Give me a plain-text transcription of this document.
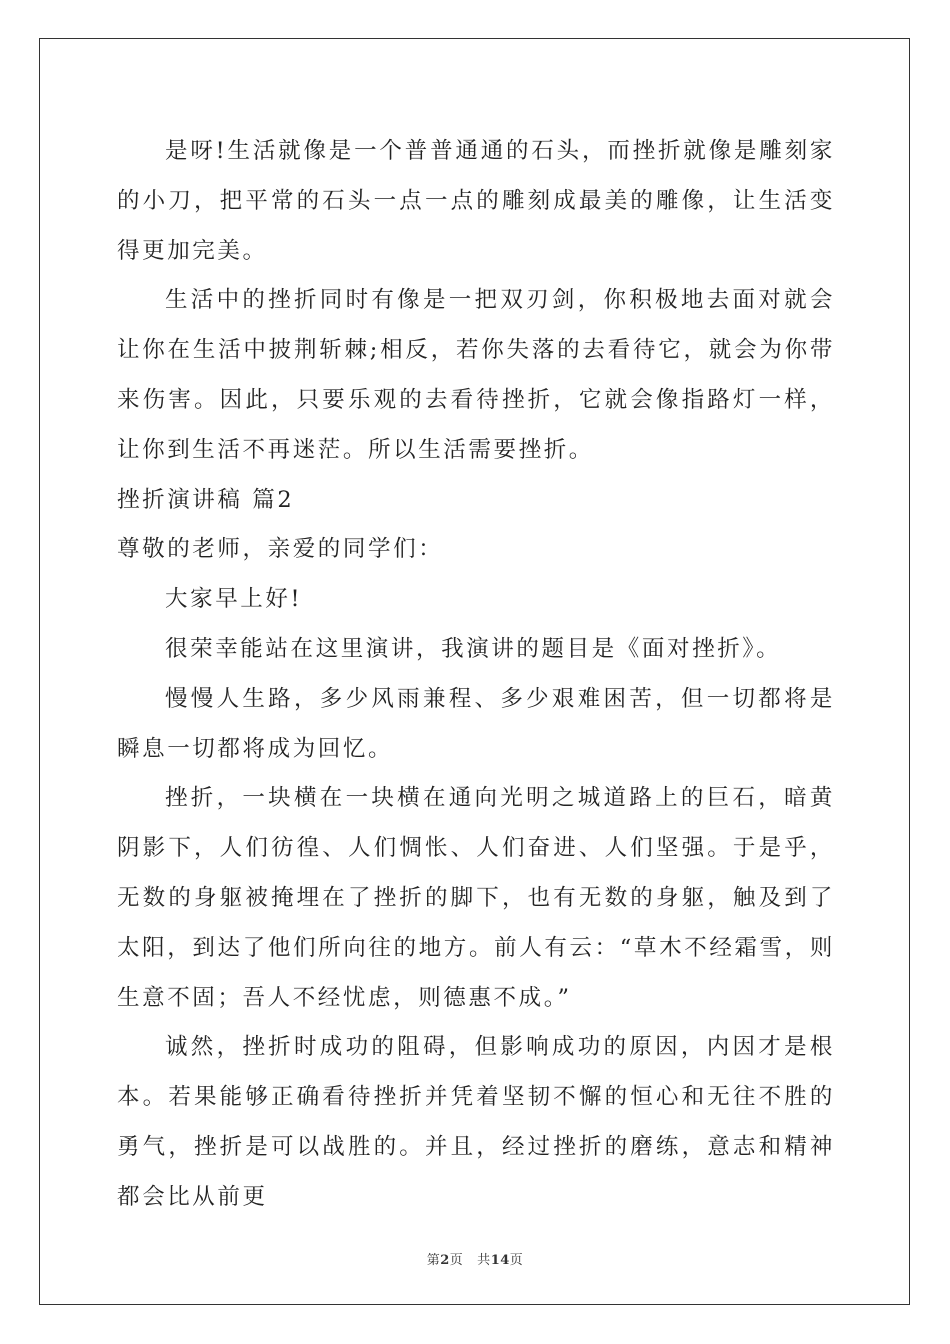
是呀!生活就像是一个普普通通的石头，而挫折就像是雕刻家的小刀，把平常的石头一点一点的雕刻成最美的雕像，让生活变得更加完美。

生活中的挫折同时有像是一把双刃剑，你积极地去面对就会让你在生活中披荆斩棘;相反，若你失落的去看待它，就会为你带来伤害。因此，只要乐观的去看待挫折，它就会像指路灯一样，让你到生活不再迷茫。所以生活需要挫折。

挫折演讲稿 篇2

尊敬的老师，亲爱的同学们：

大家早上好!

很荣幸能站在这里演讲，我演讲的题目是《面对挫折》。

慢慢人生路，多少风雨兼程、多少艰难困苦，但一切都将是瞬息一切都将成为回忆。

挫折，一块横在一块横在通向光明之城道路上的巨石，暗黄阴影下，人们彷徨、人们惆怅、人们奋进、人们坚强。于是乎，无数的身躯被掩埋在了挫折的脚下，也有无数的身躯，触及到了太阳，到达了他们所向往的地方。前人有云：“草木不经霜雪，则生意不固；吾人不经忧虑，则德惠不成。”

诚然，挫折时成功的阻碍，但影响成功的原因，内因才是根本。若果能够正确看待挫折并凭着坚韧不懈的恒心和无往不胜的勇气，挫折是可以战胜的。并且，经过挫折的磨练，意志和精神都会比从前更

第2页 共14页
